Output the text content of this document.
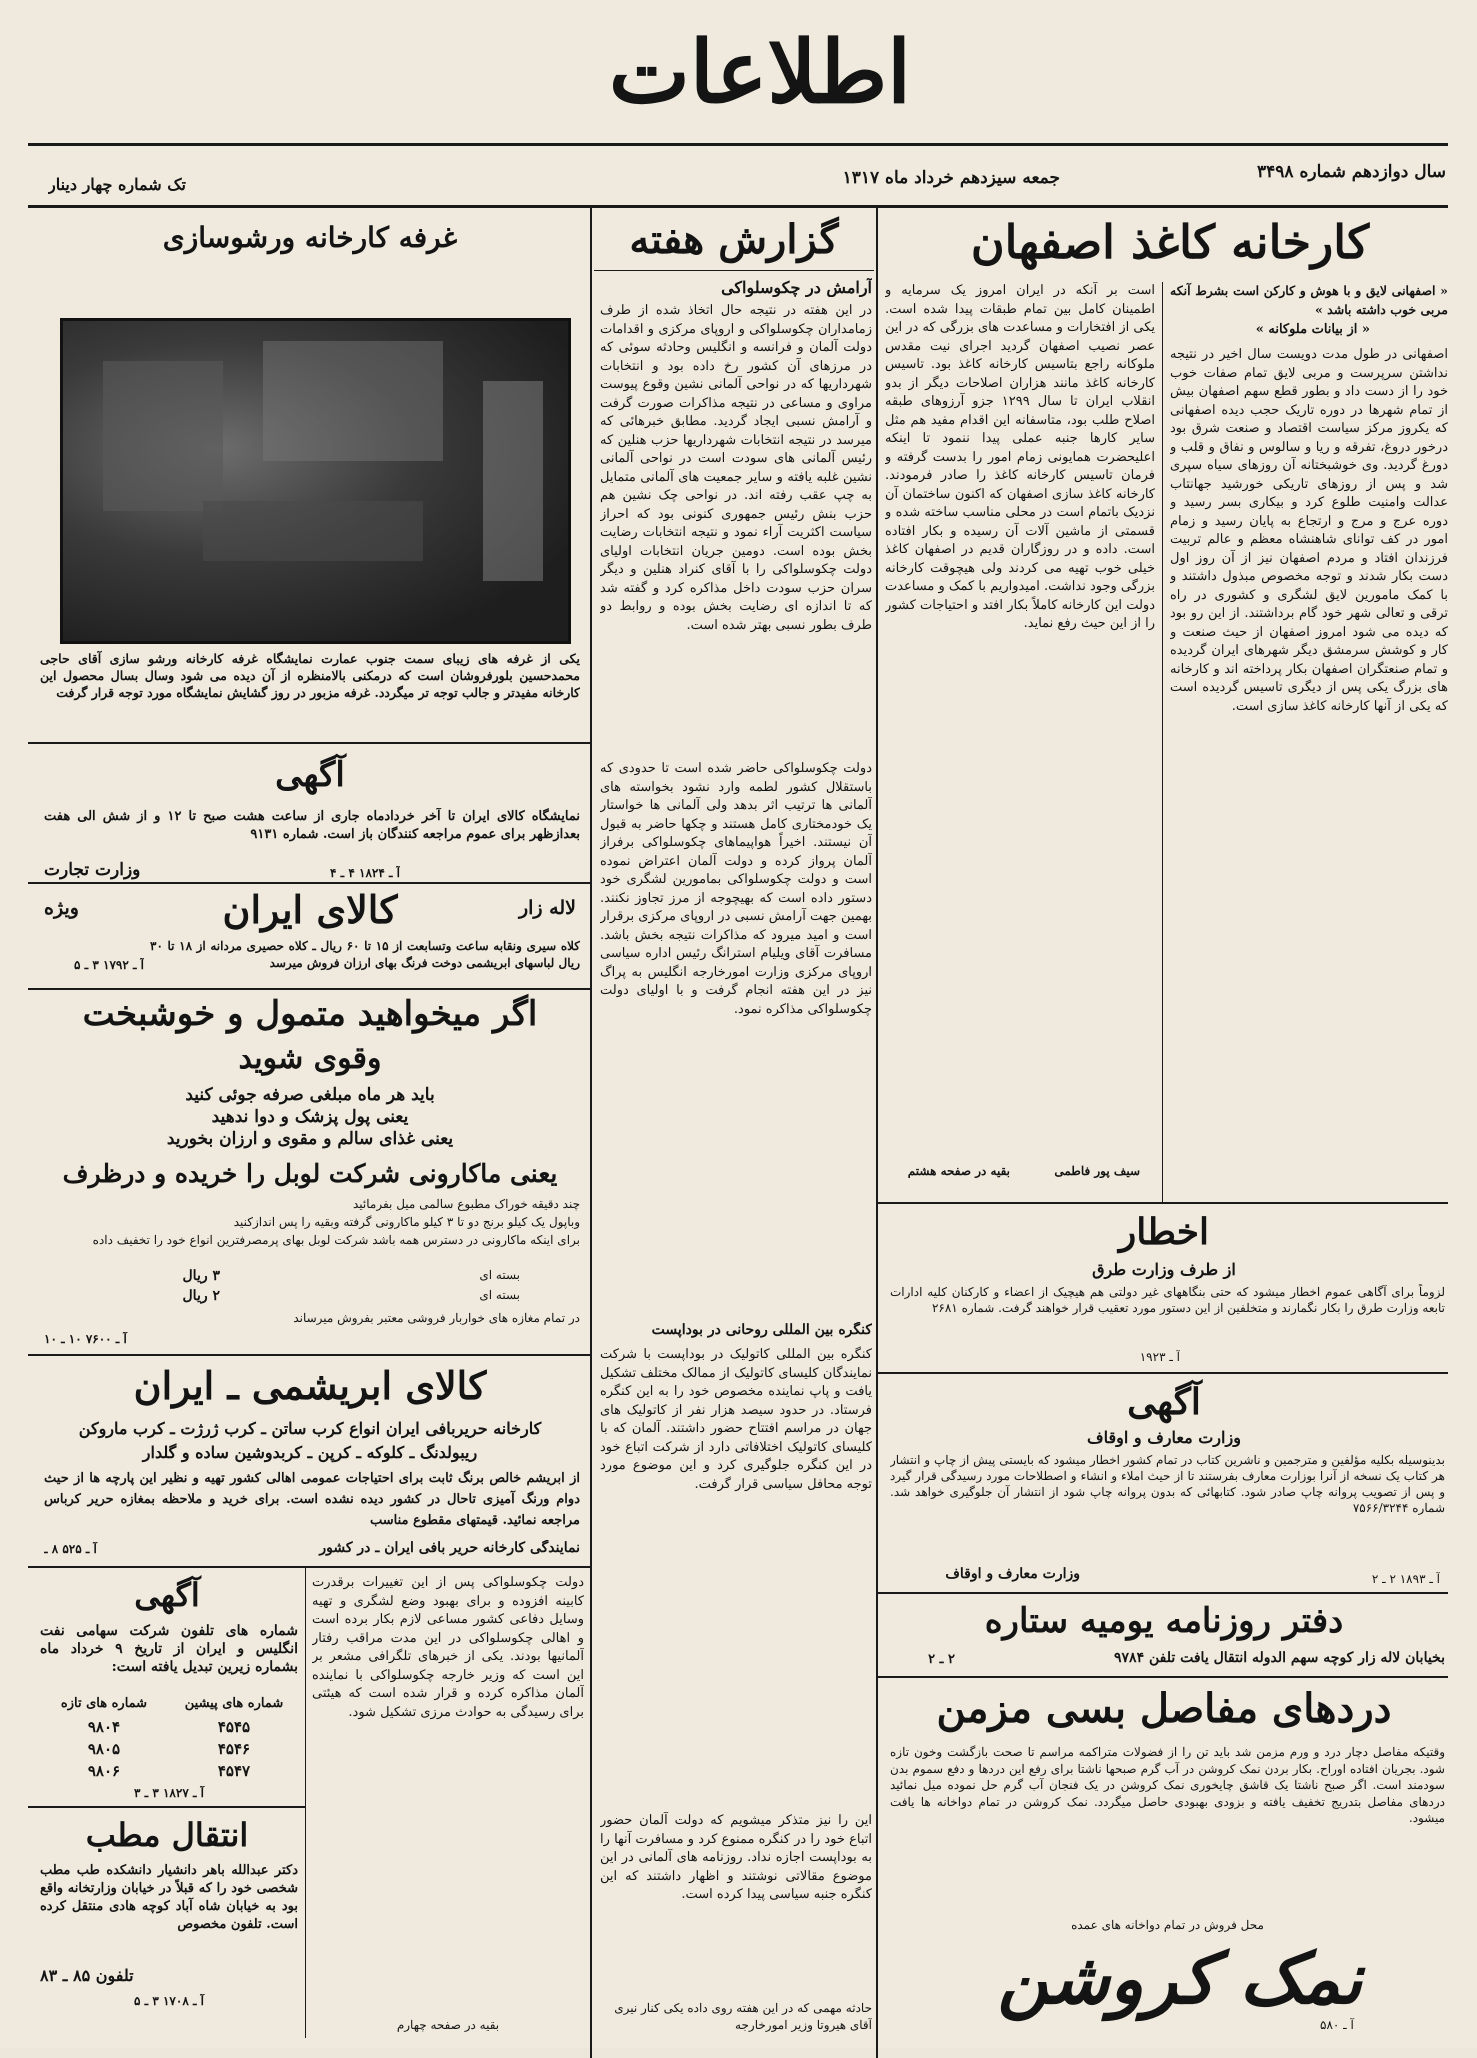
اطلاعات
سال دوازدهم شماره ۳۴۹۸
جمعه سیزدهم خرداد ماه ۱۳۱۷
تک شماره چهار دینار
کارخانه کاغذ اصفهان
« اصفهانی لایق و با هوش و کارکن است بشرط آنکه مربی خوب داشته باشد »
« از بیانات ملوکانه »
اصفهانی در طول مدت دویست سال اخیر در نتیجه نداشتن سرپرست و مربی لایق تمام صفات خوب خود را از دست داد و بطور قطع سهم اصفهان بیش از تمام شهرها در دوره تاریک حجب دیده اصفهانی که یکروز مرکز سیاست اقتصاد و صنعت شرق بود درخور دروغ، تفرقه و ریا و سالوس و نفاق و قلب و دورغ گردید. وی خوشبختانه آن روزهای سیاه سپری شد و پس از روزهای تاریکی خورشید جهانتاب عدالت وامنیت طلوع کرد و بیکاری بسر رسید و دوره عرج و مرج و ارتجاع به پایان رسید و زمام امور در کف توانای شاهنشاه معظم و عالم تربیت فرزندان افتاد و مردم اصفهان نیز از آن روز اول دست بکار شدند و توجه مخصوص مبذول داشتند و با کمک مامورین لایق لشگری و کشوری در راه ترقی و تعالی شهر خود گام برداشتند. از این رو بود که دیده می شود امروز اصفهان از حیث صنعت و کار و کوشش سرمشق دیگر شهرهای ایران گردیده و تمام صنعتگران اصفهان بکار پرداخته اند و کارخانه های بزرگ یکی پس از دیگری تاسیس گردیده است که یکی از آنها کارخانه کاغذ سازی است.
است بر آنکه در ایران امروز یک سرمایه و اطمینان کامل بین تمام طبقات پیدا شده است. یکی از افتخارات و مساعدت های بزرگی که در این عصر نصیب اصفهان گردید اجرای نیت مقدس ملوکانه راجع بتاسیس کارخانه کاغذ بود. تاسیس کارخانه کاغذ مانند هزاران اصلاحات دیگر از بدو انقلاب ایران تا سال ۱۲۹۹ جزو آرزوهای طبقه اصلاح طلب بود، متاسفانه این اقدام مفید هم مثل سایر کارها جنبه عملی پیدا ننمود تا اینکه اعلیحضرت همایونی زمام امور را بدست گرفته و فرمان تاسیس کارخانه کاغذ را صادر فرمودند. کارخانه کاغذ سازی اصفهان که اکنون ساختمان آن نزدیک باتمام است در محلی مناسب ساخته شده و قسمتی از ماشین آلات آن رسیده و بکار افتاده است. داده و در روزگاران قدیم در اصفهان کاغذ خیلی خوب تهیه می کردند ولی هیچوقت کارخانه بزرگی وجود نداشت. امیدواریم با کمک و مساعدت دولت این کارخانه کاملاً بکار افتد و احتیاجات کشور را از این حیث رفع نماید.
سیف پور فاطمی
بقیه در صفحه هشتم
اخطار
از طرف وزارت طرق
لزوماً برای آگاهی عموم اخطار میشود که حتی بنگاههای غیر دولتی هم هیچیک از اعضاء و کارکنان کلیه ادارات تابعه وزارت طرق را بکار نگمارند و متخلفین از این دستور مورد تعقیب قرار خواهند گرفت. شماره ۲۶۸۱
آ ـ ۱۹۲۳
آگهی
وزارت معارف و اوقاف
بدینوسیله بکلیه مؤلفین و مترجمین و ناشرین کتاب در تمام کشور اخطار میشود که بایستی پیش از چاپ و انتشار هر کتاب یک نسخه از آنرا بوزارت معارف بفرستند تا از حیث املاء و انشاء و اصطلاحات مورد رسیدگی قرار گیرد و پس از تصویب پروانه چاپ صادر شود. کتابهائی که بدون پروانه چاپ شود از انتشار آن جلوگیری خواهد شد. شماره ۷۵۶۶/۳۲۴۴
وزارت معارف و اوقاف	آ ـ ۱۸۹۳ ۲ ـ ۲
دفتر روزنامه یومیه ستاره
بخیابان لاله زار کوچه سهم الدوله انتقال یافت تلفن ۹۷۸۴
۲ ـ ۲
دردهای مفاصل بسی مزمن
وقتیکه مفاصل دچار درد و ورم مزمن شد باید تن را از فضولات متراکمه مراسم تا صحت بازگشت وخون تازه شود. بجریان افتاده اوراح. بکار بردن نمک کروشن در آب گرم صبحها ناشتا برای رفع این دردها و دفع سموم بدن سودمند است. اگر صبح ناشتا یک قاشق چایخوری نمک کروشن در یک فنجان آب گرم حل نموده میل نمائید دردهای مفاصل بتدریج تخفیف یافته و بزودی بهبودی حاصل میگردد. نمک کروشن در تمام دواخانه ها یافت میشود.
محل فروش در تمام دواخانه های عمده
نمک کروشن
آ ـ ۵۸۰
گزارش هفته
آرامش در چکوسلواکی
در این هفته در نتیجه حال اتخاذ شده از طرف زمامداران چکوسلواکی و اروپای مرکزی و اقدامات دولت آلمان و فرانسه و انگلیس وحادثه سوئی که در مرزهای آن کشور رخ داده بود و انتخابات شهرداریها که در نواحی آلمانی نشین وقوع پیوست مراوی و مساعی در نتیجه مذاکرات صورت گرفت و آرامش نسبی ایجاد گردید. مطابق خبرهائی که میرسد در نتیجه انتخابات شهرداریها حزب هنلین که رئیس آلمانی های سودت است در نواحی آلمانی نشین غلبه یافته و سایر جمعیت های آلمانی متمایل به چپ عقب رفته اند. در نواحی چک نشین هم حزب بنش رئیس جمهوری کنونی بود که احراز سیاست اکثریت آراء نمود و نتیجه انتخابات رضایت بخش بوده است. دومین جریان انتخابات اولیای دولت چکوسلواکی را با آقای کنراد هنلین و دیگر سران حزب سودت داخل مذاکره کرد و گفته شد که تا اندازه ای رضایت بخش بوده و روابط دو طرف بطور نسبی بهتر شده است.
دولت چکوسلواکی حاضر شده است تا حدودی که باستقلال کشور لطمه وارد نشود بخواسته های آلمانی ها ترتیب اثر بدهد ولی آلمانی ها خواستار یک خودمختاری کامل هستند و چکها حاضر به قبول آن نیستند. اخیراً هواپیماهای چکوسلواکی برفراز آلمان پرواز کرده و دولت آلمان اعتراض نموده است و دولت چکوسلواکی بمامورین لشگری خود دستور داده است که بهیچوجه از مرز تجاوز نکنند. بهمین جهت آرامش نسبی در اروپای مرکزی برقرار است و امید میرود که مذاکرات نتیجه بخش باشد. مسافرت آقای ویلیام استرانگ رئیس اداره سیاسی اروپای مرکزی وزارت امورخارجه انگلیس به پراگ نیز در این هفته انجام گرفت و با اولیای دولت چکوسلواکی مذاکره نمود.
کنگره بین المللی روحانی در بوداپست
کنگره بین المللی کاتولیک در بوداپست با شرکت نمایندگان کلیسای کاتولیک از ممالک مختلف تشکیل یافت و پاپ نماینده مخصوص خود را به این کنگره فرستاد. در حدود سیصد هزار نفر از کاتولیک های جهان در مراسم افتتاح حضور داشتند. آلمان که با کلیسای کاتولیک اختلافاتی دارد از شرکت اتباع خود در این کنگره جلوگیری کرد و این موضوع مورد توجه محافل سیاسی قرار گرفت.
این را نیز متذکر میشویم که دولت آلمان حضور اتباع خود را در کنگره ممنوع کرد و مسافرت آنها را به بوداپست اجازه نداد. روزنامه های آلمانی در این موضوع مقالاتی نوشتند و اظهار داشتند که این کنگره جنبه سیاسی پیدا کرده است.
حادثه مهمی که در این هفته روی داده یکی کنار نیری آقای هیروتا وزیر امورخارجه
غرفه کارخانه ورشوسازی
یکی از غرفه های زیبای سمت جنوب عمارت نمایشگاه غرفه کارخانه ورشو سازی آقای حاجی محمدحسین بلورفروشان است که درمکنی بالامنظره از آن دیده می شود وسال بسال محصول این کارخانه مفیدتر و جالب توجه تر میگردد. غرفه مزبور در روز گشایش نمایشگاه مورد توجه قرار گرفت
آگهی
نمایشگاه کالای ایران تا آخر خردادماه جاری از ساعت هشت صبح تا ۱۲ و از شش الی هفت بعدازظهر برای عموم مراجعه کنندگان باز است. شماره ۹۱۳۱
آ ـ ۱۸۲۴ ۴ ـ ۴
وزارت تجارت
لاله زار
کالای ایران
ویژه
کلاه سیری ونقابه ساعت وتسابعت از ۱۵ تا ۶۰ ریال ـ کلاه حصیری مردانه از ۱۸ تا ۳۰ ریال لباسهای ابریشمی دوخت فرنگ بهای ارزان فروش میرسد
آ ـ ۱۷۹۲ ۳ ـ ۵
اگر میخواهید متمول و خوشبخت
وقوی شوید
باید هر ماه مبلغی صرفه جوئی کنید
یعنی پول پزشک و دوا ندهید
یعنی غذای سالم و مقوی و ارزان بخورید
یعنی ماکارونی شرکت لوبل را خریده و درظرف
چند دقیقه خوراک مطبوع سالمی میل بفرمائید
وباپول یک کیلو برنج دو تا ۳ کیلو ماکارونی گرفته وبقیه را پس اندازکنید
برای اینکه ماکارونی در دسترس همه باشد شرکت لوبل بهای پرمصرفترین انواع خود را تخفیف داده
بسته ای
۳ ریال
بسته ای
۲ ریال
در تمام مغازه های خواربار فروشی معتبر بفروش میرساند
آ ـ ۷۶۰۰ ۱۰ ـ ۱۰
کالای ابریشمی ـ ایران
کارخانه حریربافی ایران انواع کرب ساتن ـ کرب ژرژت ـ کرب ماروکن
ریبولدنگ ـ کلوکه ـ کرپن ـ کربدوشین ساده و گلدار
از ابریشم خالص برنگ ثابت برای احتیاجات عمومی اهالی کشور تهیه و نظیر این پارچه ها از حیث دوام ورنگ آمیزی تاحال در کشور دیده نشده است. برای خرید و ملاحظه بمغازه حریر کرباس مراجعه نمائید. قیمتهای مقطوع مناسب
نمایندگی کارخانه حریر بافی ایران ـ در کشور
آ ـ ۵۲۵ ۸ ـ
دولت چکوسلواکی پس از این تغییرات برقدرت کابینه افزوده و برای بهبود وضع لشگری و تهیه وسایل دفاعی کشور مساعی لازم بکار برده است و اهالی چکوسلواکی در این مدت مراقب رفتار آلمانیها بودند. یکی از خبرهای تلگرافی مشعر بر این است که وزیر خارجه چکوسلواکی با نماینده آلمان مذاکره کرده و قرار شده است که هیئتی برای رسیدگی به حوادث مرزی تشکیل شود.
بقیه در صفحه چهارم
آگهی
شماره های تلفون شرکت سهامی نفت انگلیس و ایران از تاریخ ۹ خرداد ماه بشماره زیرین تبدیل یافته است:
شماره های پیشین
شماره های تازه
۴۵۴۵
۹۸۰۴
۴۵۴۶
۹۸۰۵
۴۵۴۷
۹۸۰۶
آ ـ ۱۸۲۷ ۳ ـ ۳
انتقال مطب
دکتر عبدالله باهر دانشیار دانشکده طب مطب شخصی خود را که قبلاً در خیابان وزارتخانه واقع بود به خیابان شاه آباد کوچه هادی منتقل کرده است. تلفون مخصوص
تلفون ۸۵ ـ ۸۳
آ ـ ۱۷۰۸ ۳ ـ ۵
